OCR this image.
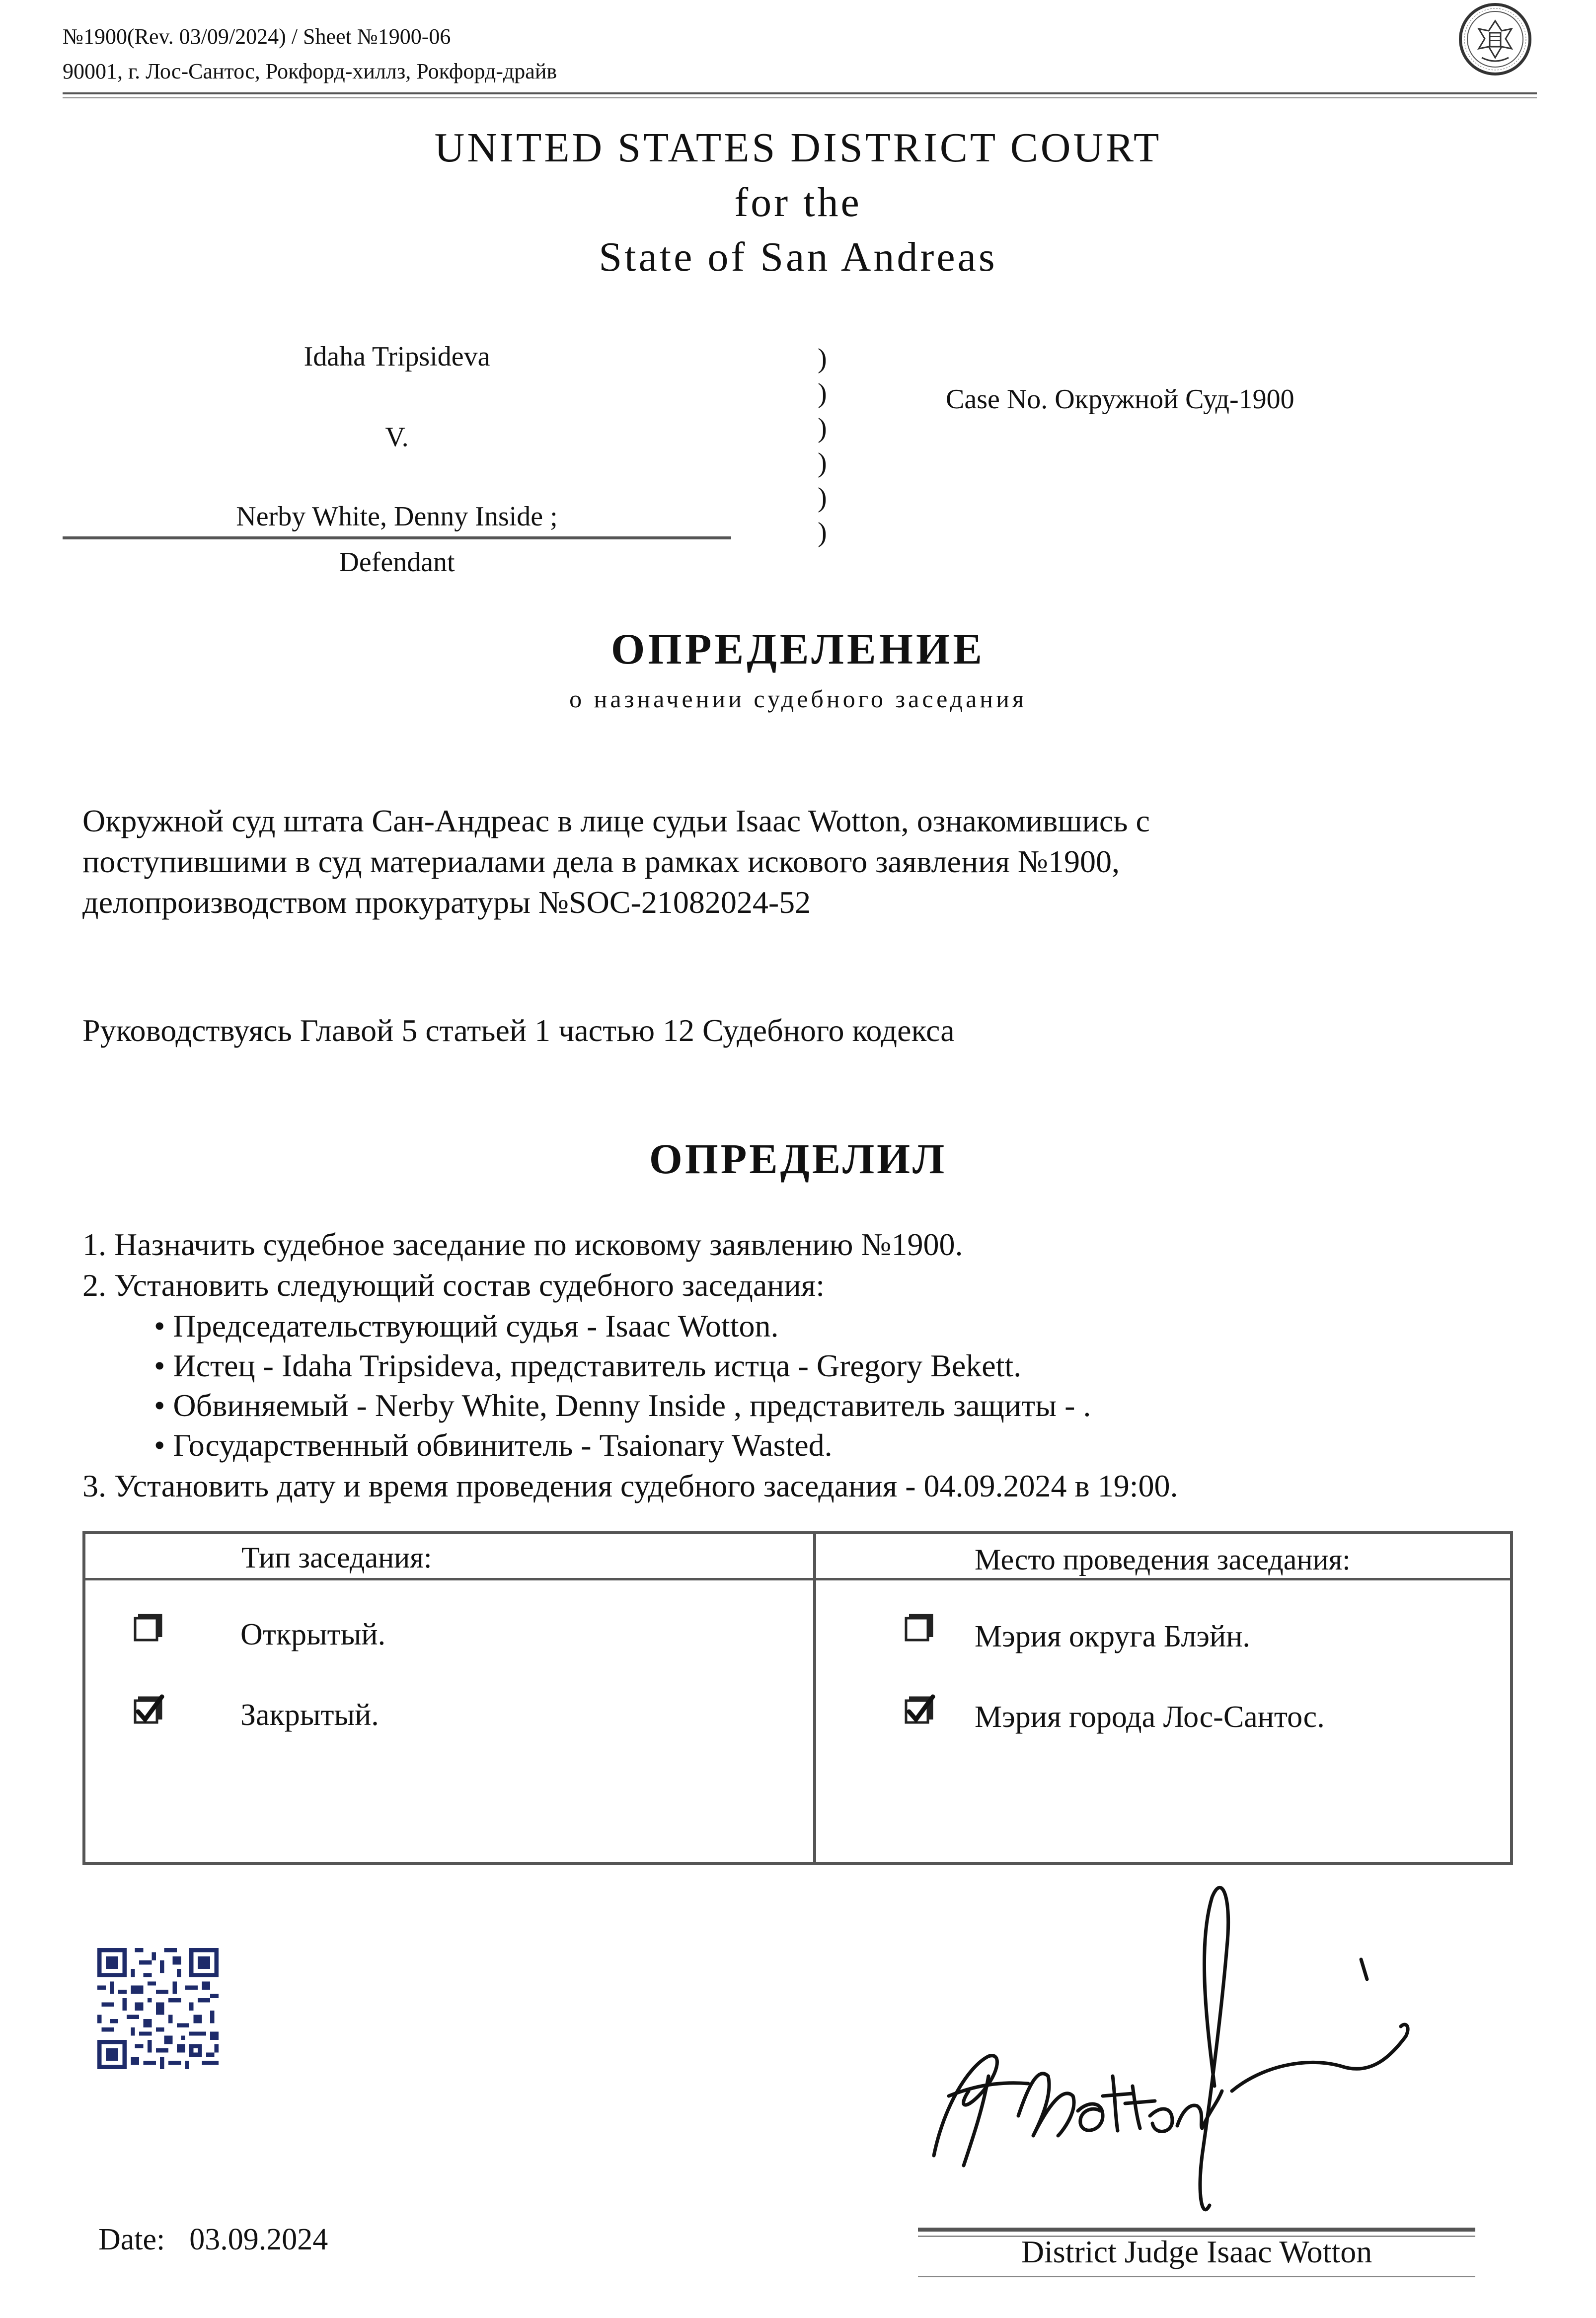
№1900(Rev. 03/09/2024) / Sheet №1900-06
90001, г. Лос-Сантос, Рокфорд-хиллз, Рокфорд-драйв
UNITED STATES DISTRICT COURT
for the
State of San Andreas
Idaha Tripsideva
V.
Nerby White, Denny Inside ;
Defendant
)
)
)
)
)
)
Case No. Окружной Суд-1900
ОПРЕДЕЛЕНИЕ
о назначении судебного заседания
Окружной суд штата Сан-Андреас в лице судьи Isaac Wotton, ознакомившись с
поступившими в суд материалами дела в рамках искового заявления №1900,
делопроизводством прокуратуры №SOC-21082024-52
Руководствуясь Главой 5 статьей 1 частью 12 Судебного кодекса
ОПРЕДЕЛИЛ
1. Назначить судебное заседание по исковому заявлению №1900.
2. Установить следующий состав судебного заседания:
• Председательствующий судья - Isaac Wotton.
• Истец - Idaha Tripsideva, представитель истца - Gregory Bekett.
• Обвиняемый - Nerby White, Denny Inside , представитель защиты - .
• Государственный обвинитель - Tsaionary Wasted.
3. Установить дату и время проведения судебного заседания - 04.09.2024 в 19:00.
Тип заседания:	Место проведения заседания:
Открытый.
Закрытый.
Мэрия округа Блэйн.
Мэрия города Лос-Сантос.
Date: 03.09.2024	District Judge Isaac Wotton
